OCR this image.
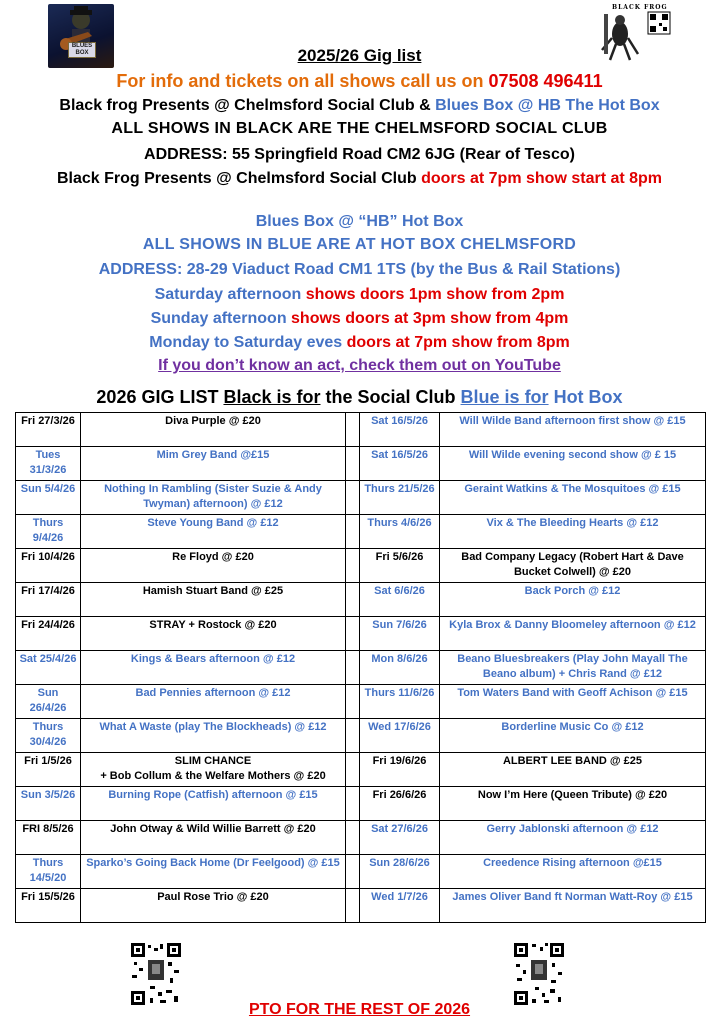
BLUES BOX
BLACK FROG
2025/26 Gig list
For info and tickets on all shows call us on 07508 496411
Black frog Presents @ Chelmsford Social Club & Blues Box @ HB The Hot Box
ALL SHOWS IN BLACK ARE THE CHELMSFORD SOCIAL CLUB
ADDRESS: 55 Springfield Road CM2 6JG (Rear of Tesco)
Black Frog Presents @ Chelmsford Social Club doors at 7pm show start at 8pm
Blues Box @ “HB” Hot Box
ALL SHOWS IN BLUE ARE AT HOT BOX CHELMSFORD
ADDRESS: 28-29 Viaduct Road CM1 1TS (by the Bus & Rail Stations)
Saturday afternoon shows doors 1pm show from 2pm
Sunday afternoon shows doors at 3pm show from 4pm
Monday to Saturday eves doors at 7pm show from 8pm
If you don’t know an act, check them out on YouTube
2026 GIG LIST Black is for the Social Club Blue is for Hot Box
Fri 27/3/26	Diva Purple @ £20		Sat 16/5/26	Will Wilde Band afternoon first show @ £15
Tues 31/3/26	Mim Grey Band @£15		Sat 16/5/26	Will Wilde evening second show @ £ 15
Sun 5/4/26	Nothing In Rambling (Sister Suzie & Andy Twyman) afternoon) @ £12		Thurs 21/5/26	Geraint Watkins & The Mosquitoes @ £15
Thurs 9/4/26	Steve Young Band @ £12		Thurs 4/6/26	Vix & The Bleeding Hearts @ £12
Fri 10/4/26	Re Floyd @ £20		Fri 5/6/26	Bad Company Legacy (Robert Hart & Dave Bucket Colwell) @ £20
Fri 17/4/26	Hamish Stuart Band @ £25		Sat 6/6/26	Back Porch @ £12
Fri 24/4/26	STRAY + Rostock @ £20		Sun 7/6/26	Kyla Brox & Danny Bloomeley afternoon @ £12
Sat 25/4/26	Kings & Bears afternoon @ £12		Mon 8/6/26	Beano Bluesbreakers (Play John Mayall The Beano album) + Chris Rand @ £12
Sun 26/4/26	Bad Pennies afternoon @ £12		Thurs 11/6/26	Tom Waters Band with Geoff Achison @ £15
Thurs 30/4/26	What A Waste (play The Blockheads) @ £12		Wed 17/6/26	Borderline Music Co @ £12
Fri 1/5/26	SLIM CHANCE
+ Bob Collum & the Welfare Mothers @ £20		Fri 19/6/26	ALBERT LEE BAND @ £25
Sun 3/5/26	Burning Rope (Catfish) afternoon @ £15		Fri 26/6/26	Now I’m Here (Queen Tribute) @ £20
FRI 8/5/26	John Otway & Wild Willie Barrett @ £20		Sat 27/6/26	Gerry Jablonski afternoon @ £12
Thurs 14/5/20	Sparko’s Going Back Home (Dr Feelgood) @ £15		Sun 28/6/26	Creedence Rising afternoon @£15
Fri 15/5/26	Paul Rose Trio @ £20		Wed 1/7/26	James Oliver Band ft Norman Watt-Roy @ £15
PTO FOR THE REST OF 2026
